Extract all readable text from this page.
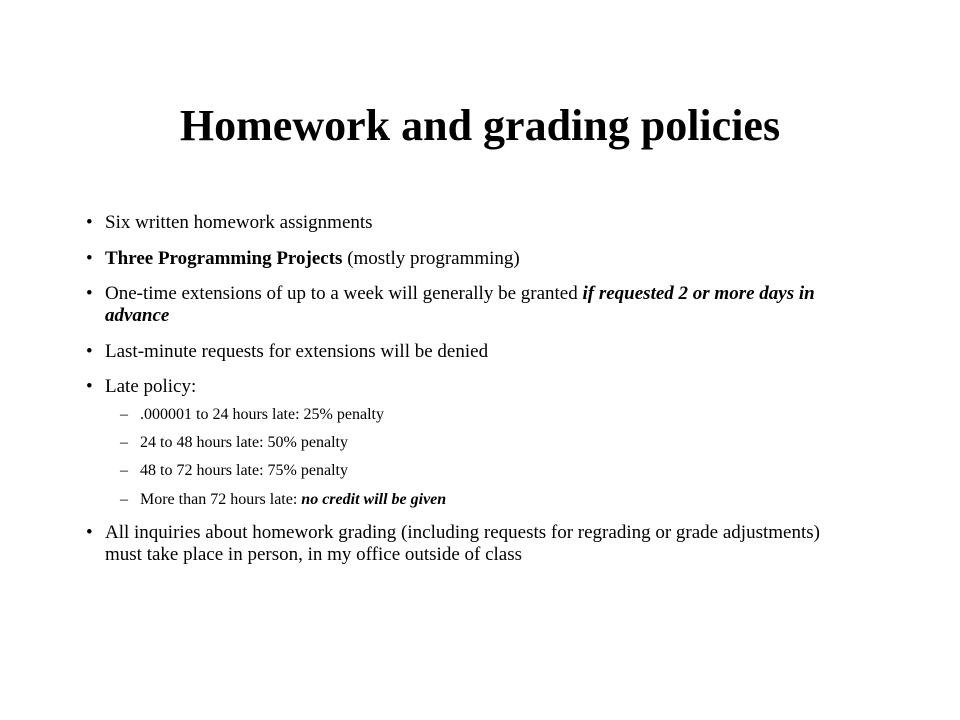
Homework and grading policies
• Six written homework assignments
• Three Programming Projects (mostly programming)
• One-time extensions of up to a week will generally be granted if requested 2 or more days in advance
• Last-minute requests for extensions will be denied
• Late policy:
– .000001 to 24 hours late: 25% penalty
– 24 to 48 hours late: 50% penalty
– 48 to 72 hours late: 75% penalty
– More than 72 hours late: no credit will be given
• All inquiries about homework grading (including requests for regrading or grade adjustments) must take place in person, in my office outside of class
